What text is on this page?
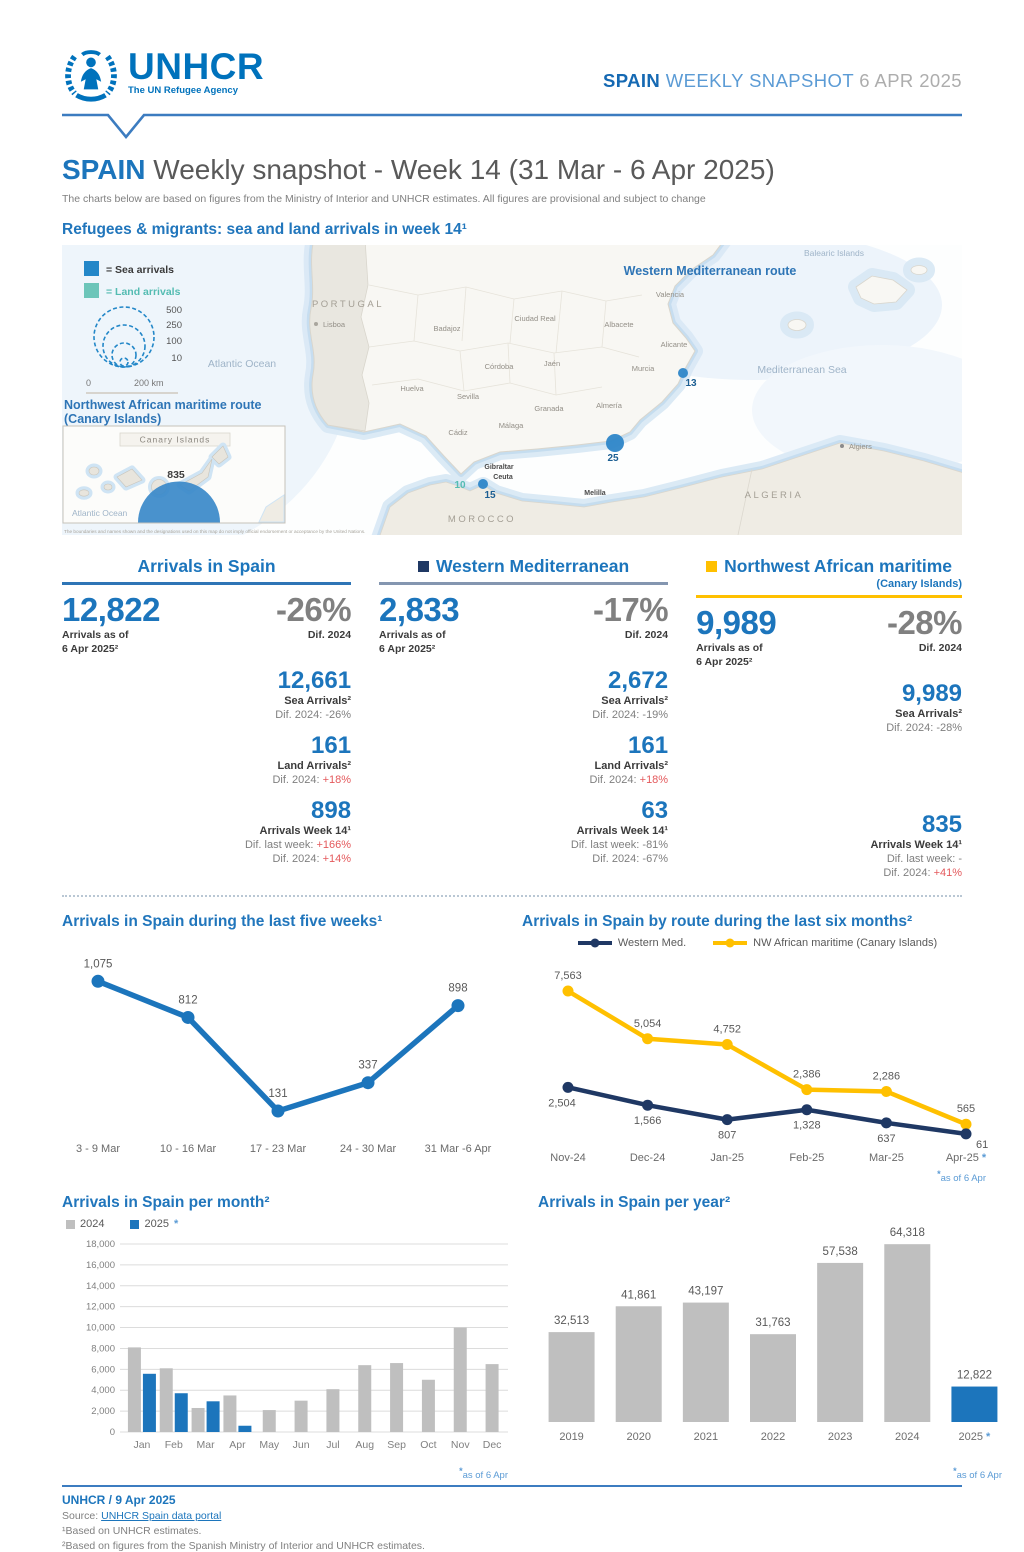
UNHCR
The UN Refugee Agency	SPAIN WEEKLY SNAPSHOT 6 APR 2025
SPAIN Weekly snapshot - Week 14 (31 Mar - 6 Apr 2025)
The charts below are based on figures from the Ministry of Interior and UNHCR estimates. All figures are provisional and subject to change
Refugees & migrants: sea and land arrivals in week 14¹
Atlantic Ocean	Mediterranean Sea
Balearic Islands
PORTUGAL
MOROCCO
ALGERIA
Lisboa	Badajoz
Ciudad Real
Albacete
Valencia
Alicante
Murcia
Córdoba	Jaén
Granada	Almería
Sevilla
Huelva
Cádiz
Málaga
Gibraltar
Ceuta
Melilla
Algiers
Western Mediterranean route
Northwest African maritime route
(Canary Islands)
25
13
15
10
= Sea arrivals
= Land arrivals
500
250
100
10
0	200 km
Canary Islands
835
Atlantic Ocean
The boundaries and names shown and the designations used on this map do not imply official endorsement or acceptance by the United Nations.
Arrivals in Spain
12,822
Arrivals as of
6 Apr 2025²
-26%
Dif. 2024
12,661
Sea Arrivals²
Dif. 2024: -26%
161
Land Arrivals²
Dif. 2024: +18%
898
Arrivals Week 14¹
Dif. last week: +166%
Dif. 2024: +14%
Western Mediterranean
2,833
Arrivals as of
6 Apr 2025²
-17%
Dif. 2024
2,672
Sea Arrivals²
Dif. 2024: -19%
161
Land Arrivals²
Dif. 2024: +18%
63
Arrivals Week 14¹
Dif. last week: -81%
Dif. 2024: -67%
Northwest African maritime
(Canary Islands)
9,989
Arrivals as of
6 Apr 2025²
-28%
Dif. 2024
9,989
Sea Arrivals²
Dif. 2024: -28%
835
Arrivals Week 14¹
Dif. last week: -
Dif. 2024: +41%
Arrivals in Spain during the last five weeks¹
1,075
812
131
337
898
3 - 9 Mar	10 - 16 Mar	17 - 23 Mar	24 - 30 Mar	31 Mar -6 Apr
Arrivals in Spain by route during the last six months²
Western Med.	NW African maritime (Canary Islands)
7,563
5,054	4,752
2,386	2,286
565
2,504
1,566
807
1,328
637	61
Nov-24	Dec-24	Jan-25	Feb-25	Mar-25	Apr-25 *
*as of 6 Apr
Arrivals in Spain per month²
2024	2025 *
0
2,000
4,000
6,000
8,000
10,000
12,000
14,000
16,000
18,000
Jan Feb Mar Apr May Jun Jul Aug Sep Oct Nov Dec
*as of 6 Apr
Arrivals in Spain per year²
32,513
2019
41,861
2020
43,197
2021
31,763
2022
57,538
2023
64,318
2024
12,822
2025 *
*as of 6 Apr
UNHCR / 9 Apr 2025
Source: UNHCR Spain data portal
¹Based on UNHCR estimates.
²Based on figures from the Spanish Ministry of Interior and UNHCR estimates.
